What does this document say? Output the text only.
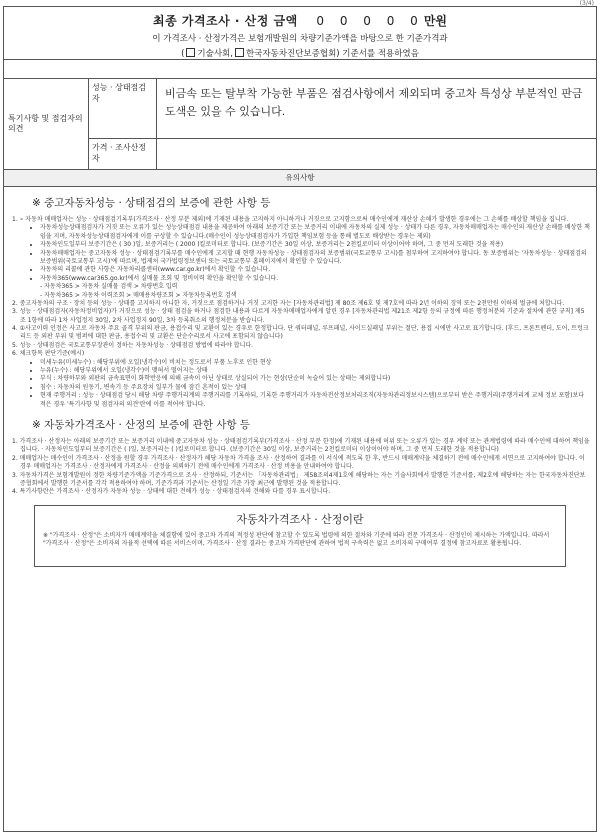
(3/4)
최종 가격조사 · 산정 금액 0 0 0 0 0만원
이 가격조사 · 산정가격은 보험개발원의 차량기준가액을 바탕으로 한 기준가격과
( 기술사회, 한국자동차진단보증협회) 기준서를 적용하였음
특기사항 및 점검자의 의견
성능 · 상태점검자	비금속 또는 탈부착 가능한 부품은 점검사항에서 제외되며 중고차 특성상 부분적인 판금도색은 있을 수 있습니다.
가격 · 조사산정자
유의사항
※ 중고자동차성능 · 상태점검의 보증에 관한 사항 등

1. ∘ 자동차 매매업자는 성능 · 상태점검기록부(가격조사 · 산정 부분 제외)에 기재된 내용을 고지하지 아니하거나 거짓으로 고지함으로써 매수인에게 재산상 손해가 발생한 경우에는 그 손해를 배상할 책임을 집니다.

• 자동차성능상태점검자가 거짓 또는 오류가 있는 성능상태점검 내용을 제공하여 아래의 보증기간 또는 보증거리 이내에 자동차의 실제 성능 · 상태가 다른 경우, 자동차매매업자는 매수인의 재산상 손해를 배상한 책임을 지며, 자동차성능상태점검자에게 이를 구상할 수 있습니다.(매수인이 성능상태점검자가 가입한 책임보험 등을 통해 별도로 배상받는 경우는 제외)
• 자동차인도일부터 보증기간은 ( 30 )일, 보증거리는 ( 2000 )킬로미터로 합니다. (보증기간은 30일 이상, 보증거리는 2천킬로미터 이상이어야 하며, 그 중 먼저 도래한 것을 적용)
• 자동차매매업자는 중고자동차 성능 · 상태점검기록부를 매수인에게 고지할 때 현행 자동차성능 · 상태점검자의 보증범위(국토교통부 고시)를 첨부하여 고지하여야 합니다. 동 보증범위는 '자동차성능 · 상태점검의 보증범위(국토교통부 고시)'에 따르며, 법제처 국가법령정보센터 또는 국토교통부 홈페이지에서 확인할 수 있습니다.
• 자동차의 리콜에 관한 사항은 자동차리콜센터(www.car.go.kr)에서 확인할 수 있습니다.
• 자동차365(www.car365.go.kr)에서 실매물 조회 및 정비이력 확인을 확인할 수 있습니다.

- 자동차365 > 자동차 실매물 검색 > 차량번호 입력

- 자동차365 > 자동차 이력조회 > 매매용차량조회 > 자동차등록번호 검색

2. 중고자동차의 구조 · 장치 등의 성능 · 상태를 고지하지 아니한 자, 거짓으로 점검하거나 거짓 고지한 자는 [자동차관리법] 제 80조 제6호 및 제7호에 따라 2년 이하의 징역 또는 2천만원 이하의 벌금에 처합니다.

3. 성능 · 상태점검자(자동차정비업자)가 거짓으로 성능 · 상태 점검을 하거나 점검한 내용과 다르게 자동차매매업자에게 알린 경우 [자동차관리법 제21조 제2항 등의 규정에 따른 행정처분의 기준과 절차에 관한 규칙] 제5조 1항에 따라 1차 사업정지 30일, 2차 사업정지 90일, 3차 등록취소의 행정처분을 받습니다.

4. ①사고이력 인정은 사고로 자동차 주요 골격 부위의 판금, 용접수리 및 교환이 있는 경우로 한정합니다. 단 쿼터패널, 루프패널, 사이드실패널 부위는 절단, 용접 시에만 사고로 표기합니다. (후드, 프론트펜더, 도어, 트렁크리드 등 외판 부위 및 범퍼에 대한 판금, 용접수리 및 교환은 단순수리로서 사고에 포함되지 않습니다)

5. 성능 · 상태점검은 국토교통부장관이 정하는 자동차성능 · 상태점검 방법에 따라야 합니다.

6. 체크항목 판단기준(예시)

• 미세누유(미세누수) : 해당부위에 오일(냉각수)이 비치는 정도로서 부품 노후로 인한 현상
• 누유(누수) : 해당부위에서 오일(냉각수)이 맺혀서 떨어지는 상태
• 부식 : 차량하부와 외판의 금속표면이 화학반응에 의해 금속이 아닌 상태로 상실되어 가는 현상(단순히 녹슬어 있는 상태는 제외합니다)
• 침수 : 자동차의 원동기, 변속기 등 주요장치 일부가 물에 잠긴 흔적이 있는 상태
• 현재 주행거리 : 성능 · 상태점검 당시 해당 차량 주행거리계의 주행거리를 기록하되, 기록한 주행거리가 자동차전산정보처리조직(자동차관리정보시스템)으로부터 받은 주행거리(주행거리계 교체 정보 포함)보다 적은 경우 '특기사항 및 점검자의 의견'란에 이를 적어야 합니다.
※ 자동차가격조사 · 산정의 보증에 관한 사항 등

1. 가격조사 · 산정자는 아래의 보증기간 또는 보증거리 이내에 중고자동차 성능 · 상태점검기록부(가격조사 · 산정 부분 한정)에 기재된 내용에 허위 또는 오류가 있는 경우 계약 또는 관계법령에 따라 매수인에 대하여 책임을 집니다. · 자동차인도일부터 보증기간은 ( )일, 보증거리는 ( )킬로미터로 합니다. (보증기간은 30일 이상, 보증거리는 2천킬로미터 이상이어야 하며, 그 중 먼저 도래한 것을 적용합니다)

2. 매매업자는 매수인이 가격조사 · 산정을 원할 경우 가격조사 · 산정자가 해당 자동차 가격을 조사 · 산정하여 결과를 이 서식에 적도록 한 후, 반드시 매매계약을 체결하기 전에 매수인에게 서면으로 고지하여야 합니다. 이 경우 매매업자는 가격조사 · 산정자에게 가격조사 · 산정을 의뢰하기 전에 매수인에게 가격조사 · 산정 비용을 안내하여야 합니다.

3. 자동차가격은 보험개발원이 정한 차량기준가액을 기준가격으로 조사 · 산정하되, 기준서는 「자동차관리법」 제58조의4제1호에 해당하는 자는 기술사회에서 발행한 기준서를, 제2호에 해당하는 자는 한국자동차진단보증협회에서 발행한 기준서를 각각 적용하여야 하며, 기준가격과 기준서는 산정일 기준 가장 최근에 발행된 것을 적용합니다.

4. 특기사항란은 가격조사 · 산정자가 자동차 성능 · 상태에 대한 견해가 성능 · 상태점검자의 견해와 다를 경우 표시합니다.

자동차가격조사 · 산정이란
※ "가격조사 · 산정"은 소비자가 매매계약을 체결함에 있어 중고차 가격의 적정성 판단에 참고할 수 있도록 법령에 의한 절차와 기준에 따라 전문 가격조사 · 산정인이 제시하는 가액입니다. 따라서 "가격조사 · 산정"은 소비자의 자율적 선택에 따른 서비스이며, 가격조사 · 산정 결과는 중고차 가격판단에 관하여 법적 구속력은 없고 소비자의 구매여부 결정에 참고자료로 활용됩니다.
